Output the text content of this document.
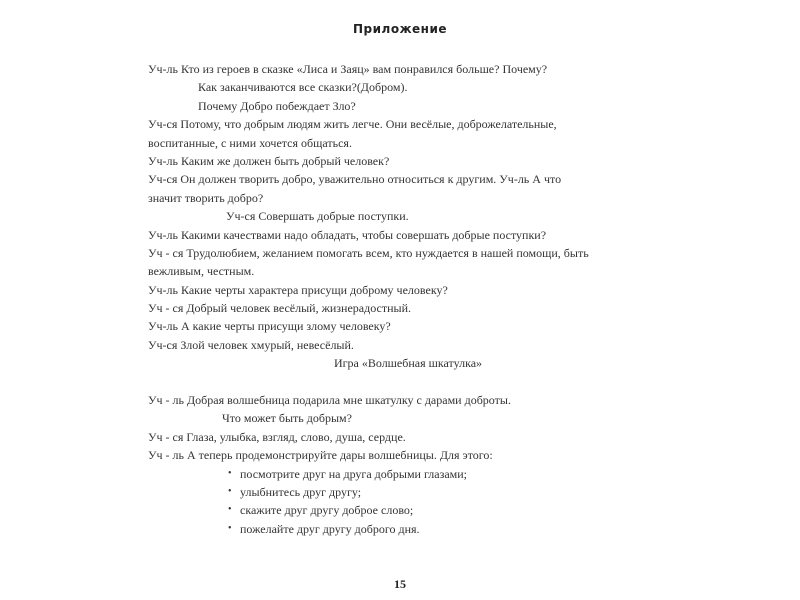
Приложение
Уч-ль Кто из героев в сказке «Лиса и Заяц» вам понравился больше? Почему?
Как заканчиваются все сказки?(Добром).
Почему Добро побеждает Зло?
Уч-ся Потому, что добрым людям жить легче. Они весёлые, доброжелательные,
воспитанные, с ними хочется общаться.
Уч-ль Каким же должен быть добрый человек?
Уч-ся Он должен творить добро, уважительно относиться к другим. Уч-ль А что
значит творить добро?
Уч-ся Совершать добрые поступки.
Уч-ль Какими качествами надо обладать, чтобы совершать добрые поступки?
Уч - ся Трудолюбием, желанием помогать всем, кто нуждается в нашей помощи, быть
вежливым, честным.
Уч-ль Какие черты характера присущи доброму человеку?
Уч - ся Добрый человек весёлый, жизнерадостный.
Уч-ль А какие черты присущи злому человеку?
Уч-ся Злой человек хмурый, невесёлый.
Игра «Волшебная шкатулка»
Уч - ль Добрая волшебница подарила мне шкатулку с дарами доброты.
Что может быть добрым?
Уч - ся Глаза, улыбка, взгляд, слово, душа, сердце.
Уч - ль А теперь продемонстрируйте дары волшебницы. Для этого:
• посмотрите друг на друга добрыми глазами;
• улыбнитесь друг другу;
• скажите друг другу доброе слово;
• пожелайте друг другу доброго дня.
15
